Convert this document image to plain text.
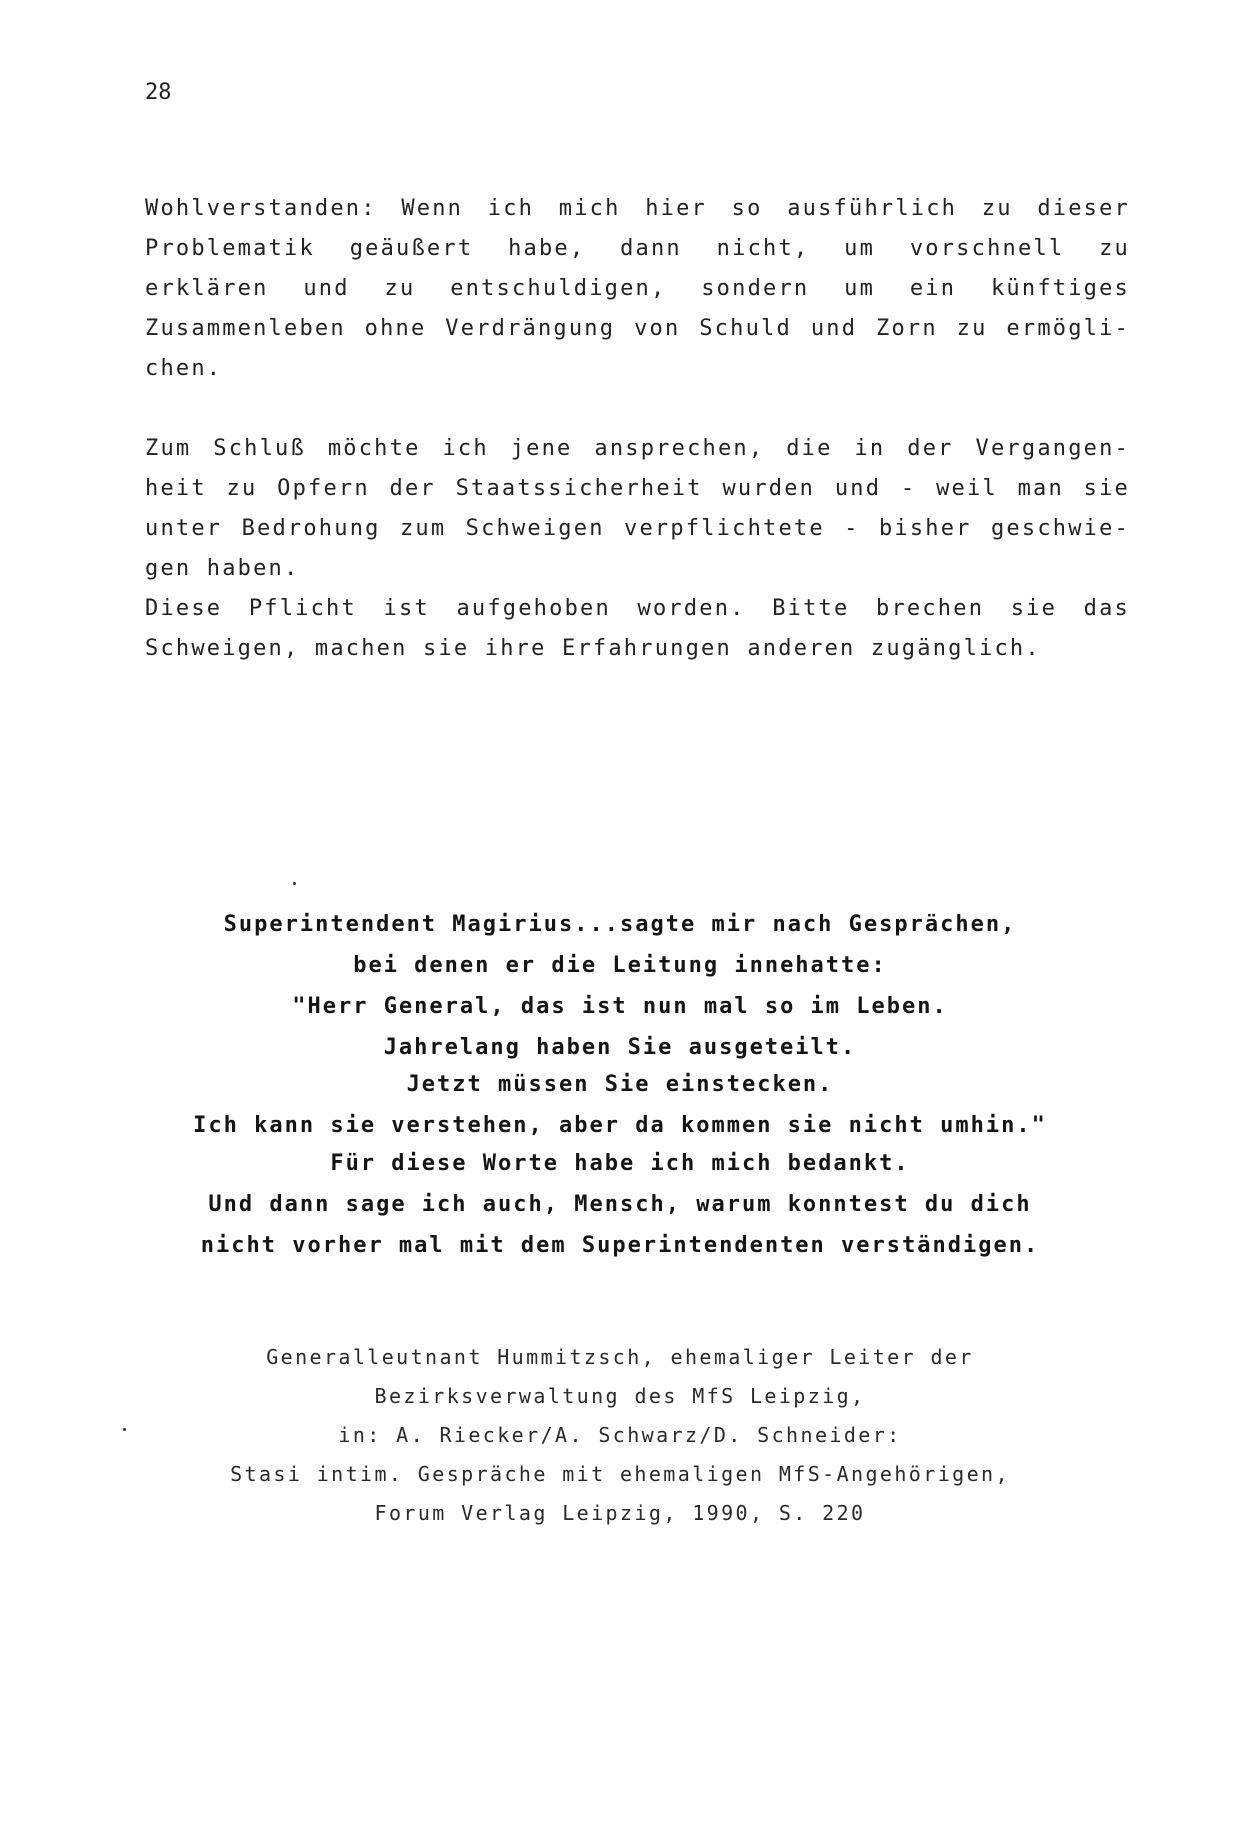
28
Wohlverstanden: Wenn ich mich hier so ausführlich zu dieser
Problematik geäußert habe, dann nicht, um vorschnell zu
erklären und zu entschuldigen, sondern um ein künftiges
Zusammenleben ohne Verdrängung von Schuld und Zorn zu ermögli-
chen.
Zum Schluß möchte ich jene ansprechen, die in der Vergangen-
heit zu Opfern der Staatssicherheit wurden und - weil man sie
unter Bedrohung zum Schweigen verpflichtete - bisher geschwie-
gen haben.
Diese Pflicht ist aufgehoben worden. Bitte brechen sie das
Schweigen, machen sie ihre Erfahrungen anderen zugänglich.
Superintendent Magirius...sagte mir nach Gesprächen,
bei denen er die Leitung innehatte:
"Herr General, das ist nun mal so im Leben.
Jahrelang haben Sie ausgeteilt.
Jetzt müssen Sie einstecken.
Ich kann sie verstehen, aber da kommen sie nicht umhin."
Für diese Worte habe ich mich bedankt.
Und dann sage ich auch, Mensch, warum konntest du dich
nicht vorher mal mit dem Superintendenten verständigen.
Generalleutnant Hummitzsch, ehemaliger Leiter der
Bezirksverwaltung des MfS Leipzig,
in: A. Riecker/A. Schwarz/D. Schneider:
Stasi intim. Gespräche mit ehemaligen MfS-Angehörigen,
Forum Verlag Leipzig, 1990, S. 220
